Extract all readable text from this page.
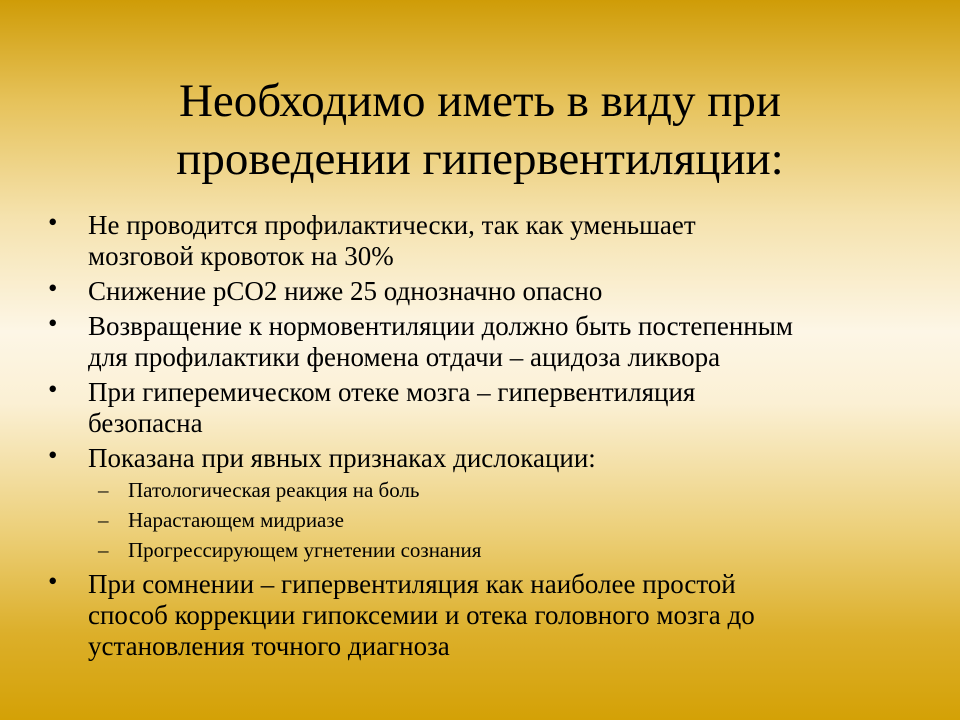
Необходимо иметь в виду при
проведении гипервентиляции:
• Не проводится профилактически, так как уменьшает
мозговой кровоток на 30%
• Снижение рСО2 ниже 25 однозначно опасно
• Возвращение к нормовентиляции должно быть постепенным
для профилактики феномена отдачи – ацидоза ликвора
• При гиперемическом отеке мозга – гипервентиляция
безопасна
• Показана при явных признаках дислокации:
– Патологическая реакция на боль
– Нарастающем мидриазе
– Прогрессирующем угнетении сознания
• При сомнении – гипервентиляция как наиболее простой
способ коррекции гипоксемии и отека головного мозга до
установления точного диагноза
